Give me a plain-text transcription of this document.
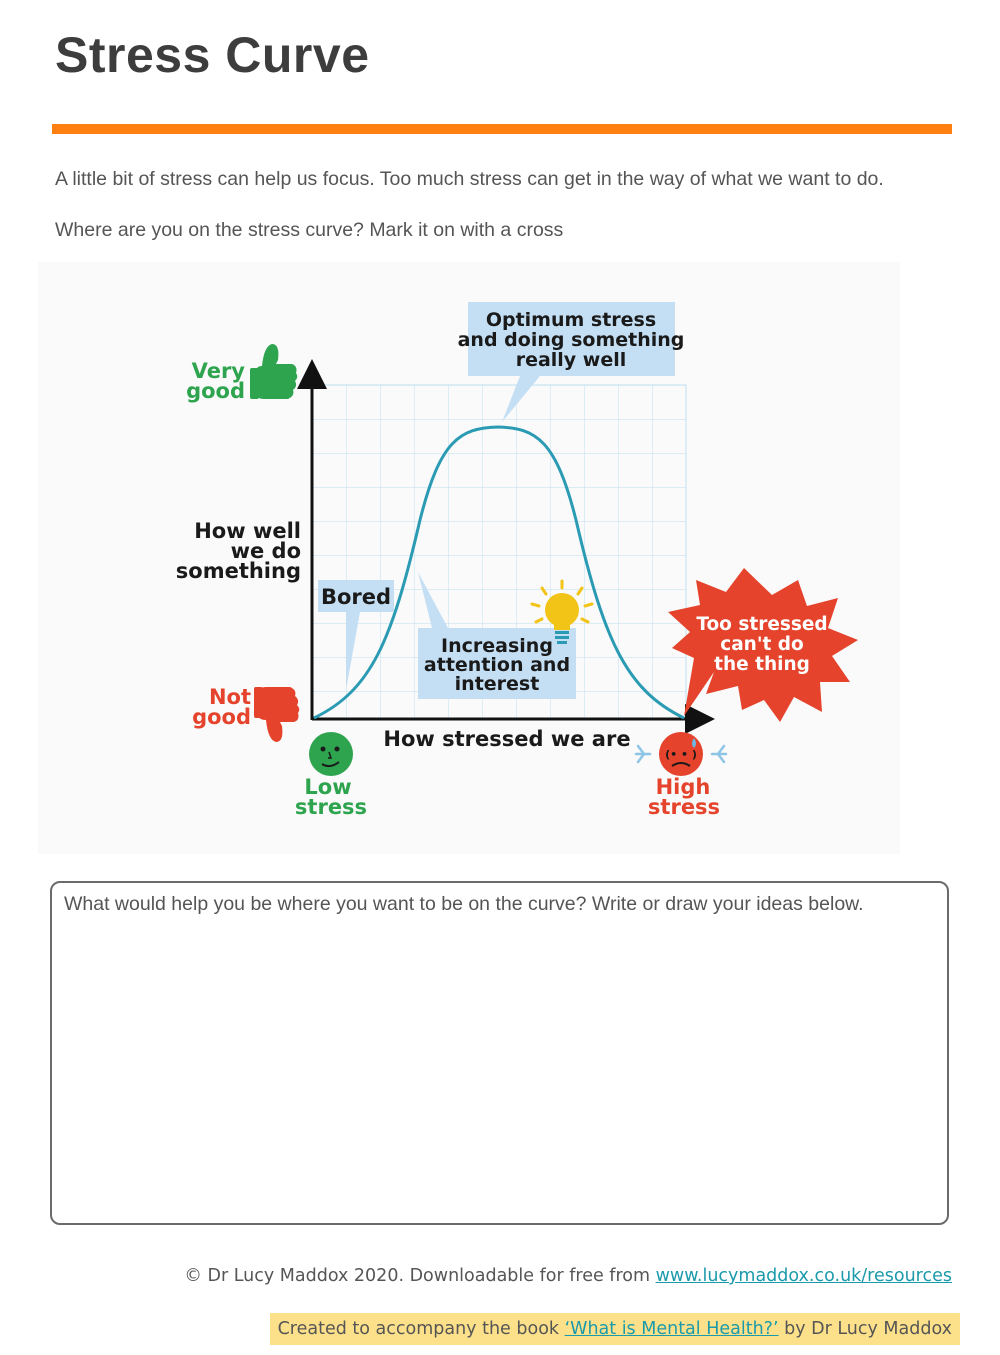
Stress Curve

A little bit of stress can help us focus. Too much stress can get in the way of what we want to do.

Where are you on the stress curve? Mark it on with a cross

Optimum stress
and doing something
really well
Bored
Increasing
attention and
interest
Too stressed
can't do
the thing
How well
we do
something
Very
good
Not
good
How stressed we are
Low
stress
(• • )
High
stress
What would help you be where you want to be on the curve? Write or draw your ideas below.
© Dr Lucy Maddox 2020. Downloadable for free from www.lucymaddox.co.uk/resources
Created to accompany the book ‘What is Mental Health?’ by Dr Lucy Maddox
